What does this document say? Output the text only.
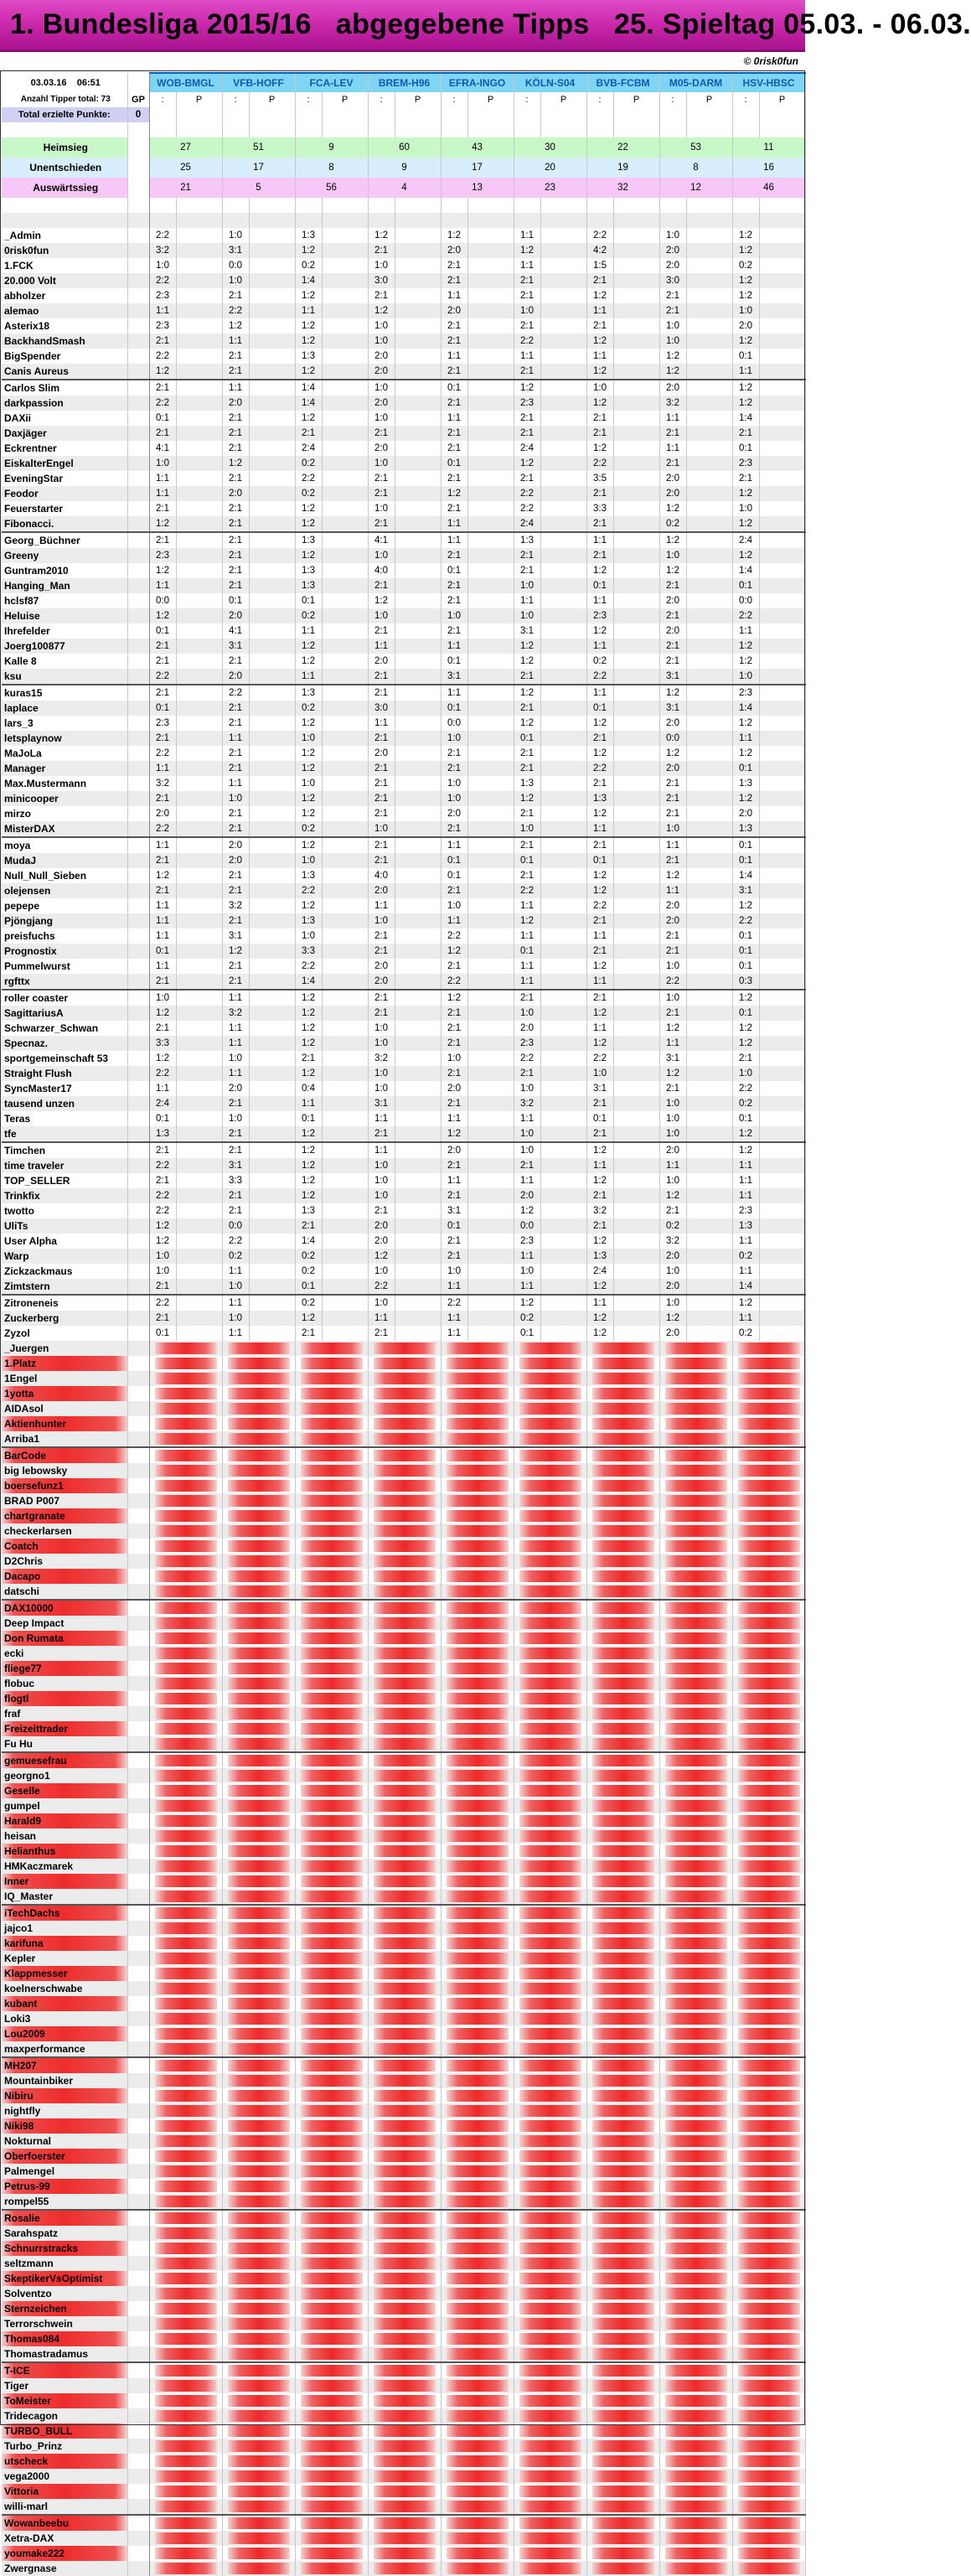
1. Bundesliga 2015/16   abgegebene Tipps   25. Spieltag 05.03. - 06.03.
© 0risk0fun
03.03.16 06:51		WOB-BMGL		VFB-HOFF		FCA-LEV		BREM-H96		EFRA-INGO		KÖLN-S04		BVB-FCBM		M05-DARM		HSV-HBSC	
Anzahl Tipper total: 73	GP	:	P	:	P	:	P	:	P	:	P	:	P	:	P	:	P	:	P
Total erzielte Punkte:	0																		

Heimsieg		27		51		9		60		43		30		22		53		11	
Unentschieden		25		17		8		9		17		20		19		8		16	
Auswärtssieg		21		5		56		4		13		23		32		12		46	

_Admin		2:2		1:0		1:3		1:2		1:2		1:1		2:2		1:0		1:2	
0risk0fun		3:2		3:1		1:2		2:1		2:0		1:2		4:2		2:0		1:2	
1.FCK		1:0		0:0		0:2		1:0		2:1		1:1		1:5		2:0		0:2	
20.000 Volt		2:2		1:0		1:4		3:0		2:1		2:1		2:1		3:0		1:2	
abholzer		2:3		2:1		1:2		2:1		1:1		2:1		1:2		2:1		1:2	
alemao		1:1		2:2		1:1		1:2		2:0		1:0		1:1		2:1		1:0	
Asterix18		2:3		1:2		1:2		1:0		2:1		2:1		2:1		1:0		2:0	
BackhandSmash		2:1		1:1		1:2		1:0		2:1		2:2		1:2		1:0		1:2	
BigSpender		2:2		2:1		1:3		2:0		1:1		1:1		1:1		1:2		0:1	
Canis Aureus		1:2		2:1		1:2		2:0		2:1		2:1		1:2		1:2		1:1	
Carlos Slim		2:1		1:1		1:4		1:0		0:1		1:2		1:0		2:0		1:2	
darkpassion		2:2		2:0		1:4		2:0		2:1		2:3		1:2		3:2		1:2	
DAXii		0:1		2:1		1:2		1:0		1:1		2:1		2:1		1:1		1:4	
Daxjäger		2:1		2:1		2:1		2:1		2:1		2:1		2:1		2:1		2:1	
Eckrentner		4:1		2:1		2:4		2:0		2:1		2:4		1:2		1:1		0:1	
EiskalterEngel		1:0		1:2		0:2		1:0		0:1		1:2		2:2		2:1		2:3	
EveningStar		1:1		2:1		2:2		2:1		2:1		2:1		3:5		2:0		2:1	
Feodor		1:1		2:0		0:2		2:1		1:2		2:2		2:1		2:0		1:2	
Feuerstarter		2:1		2:1		1:2		1:0		2:1		2:2		3:3		1:2		1:0	
Fibonacci.		1:2		2:1		1:2		2:1		1:1		2:4		2:1		0:2		1:2	
Georg_Büchner		2:1		2:1		1:3		4:1		1:1		1:3		1:1		1:2		2:4	
Greeny		2:3		2:1		1:2		1:0		2:1		2:1		2:1		1:0		1:2	
Guntram2010		1:2		2:1		1:3		4:0		0:1		2:1		1:2		1:2		1:4	
Hanging_Man		1:1		2:1		1:3		2:1		2:1		1:0		0:1		2:1		0:1	
hclsf87		0:0		0:1		0:1		1:2		2:1		1:1		1:1		2:0		0:0	
Heluise		1:2		2:0		0:2		1:0		1:0		1:0		2:3		2:1		2:2	
Ihrefelder		0:1		4:1		1:1		2:1		2:1		3:1		1:2		2:0		1:1	
Joerg100877		2:1		3:1		1:2		1:1		1:1		1:2		1:1		2:1		1:2	
Kalle 8		2:1		2:1		1:2		2:0		0:1		1:2		0:2		2:1		1:2	
ksu		2:2		2:0		1:1		2:1		3:1		2:1		2:2		3:1		1:0	
kuras15		2:1		2:2		1:3		2:1		1:1		1:2		1:1		1:2		2:3	
laplace		0:1		2:1		0:2		3:0		0:1		2:1		0:1		3:1		1:4	
lars_3		2:3		2:1		1:2		1:1		0:0		1:2		1:2		2:0		1:2	
letsplaynow		2:1		1:1		1:0		2:1		1:0		0:1		2:1		0:0		1:1	
MaJoLa		2:2		2:1		1:2		2:0		2:1		2:1		1:2		1:2		1:2	
Manager		1:1		2:1		1:2		2:1		2:1		2:1		2:2		2:0		0:1	
Max.Mustermann		3:2		1:1		1:0		2:1		1:0		1:3		2:1		2:1		1:3	
minicooper		2:1		1:0		1:2		2:1		1:0		1:2		1:3		2:1		1:2	
mirzo		2:0		2:1		1:2		2:1		2:0		2:1		1:2		2:1		2:0	
MisterDAX		2:2		2:1		0:2		1:0		2:1		1:0		1:1		1:0		1:3	
moya		1:1		2:0		1:2		2:1		1:1		2:1		2:1		1:1		0:1	
MudaJ		2:1		2:0		1:0		2:1		0:1		0:1		0:1		2:1		0:1	
Null_Null_Sieben		1:2		2:1		1:3		4:0		0:1		2:1		1:2		1:2		1:4	
olejensen		2:1		2:1		2:2		2:0		2:1		2:2		1:2		1:1		3:1	
pepepe		1:1		3:2		1:2		1:1		1:0		1:1		2:2		2:0		1:2	
Pjöngjang		1:1		2:1		1:3		1:0		1:1		1:2		2:1		2:0		2:2	
preisfuchs		1:1		3:1		1:0		2:1		2:2		1:1		1:1		2:1		0:1	
Prognostix		0:1		1:2		3:3		2:1		1:2		0:1		2:1		2:1		0:1	
Pummelwurst		1:1		2:1		2:2		2:0		2:1		1:1		1:2		1:0		0:1	
rgfttx		2:1		2:1		1:4		2:0		2:2		1:1		1:1		2:2		0:3	
roller coaster		1:0		1:1		1:2		2:1		1:2		2:1		2:1		1:0		1:2	
SagittariusA		1:2		3:2		1:2		2:1		2:1		1:0		1:2		2:1		0:1	
Schwarzer_Schwan		2:1		1:1		1:2		1:0		2:1		2:0		1:1		1:2		1:2	
Specnaz.		3:3		1:1		1:2		1:0		2:1		2:3		1:2		1:1		1:2	
sportgemeinschaft 53		1:2		1:0		2:1		3:2		1:0		2:2		2:2		3:1		2:1	
Straight Flush		2:2		1:1		1:2		1:0		2:1		2:1		1:0		1:2		1:0	
SyncMaster17		1:1		2:0		0:4		1:0		2:0		1:0		3:1		2:1		2:2	
tausend unzen		2:4		2:1		1:1		3:1		2:1		3:2		2:1		1:0		0:2	
Teras		0:1		1:0		0:1		1:1		1:1		1:1		0:1		1:0		0:1	
tfe		1:3		2:1		1:2		2:1		1:2		1:0		2:1		1:0		1:2	
Timchen		2:1		2:1		1:2		1:1		2:0		1:0		1:2		2:0		1:2	
time traveler		2:2		3:1		1:2		1:0		2:1		2:1		1:1		1:1		1:1	
TOP_SELLER		2:1		3:3		1:2		1:0		1:1		1:1		1:2		1:0		1:1	
Trinkfix		2:2		2:1		1:2		1:0		2:1		2:0		2:1		1:2		1:1	
twotto		2:2		2:1		1:3		2:1		3:1		1:2		3:2		2:1		2:3	
UliTs		1:2		0:0		2:1		2:0		0:1		0:0		2:1		0:2		1:3	
User Alpha		1:2		2:2		1:4		2:0		2:1		2:3		1:2		3:2		1:1	
Warp		1:0		0:2		0:2		1:2		2:1		1:1		1:3		2:0		0:2	
Zickzackmaus		1:0		1:1		0:2		1:0		1:0		1:0		2:4		1:0		1:1	
Zimtstern		2:1		1:0		0:1		2:2		1:1		1:1		1:2		2:0		1:4	
Zitroneneis		2:2		1:1		0:2		1:0		2:2		1:2		1:1		1:0		1:2	
Zuckerberg		2:1		1:0		1:2		1:1		1:1		0:2		1:2		1:2		1:1	
Zyzol		0:1		1:1		2:1		2:1		1:1		0:1		1:2		2:0		0:2	
_Juergen											

1.Platz											

1Engel											

1yotta											

AIDAsol											

Aktienhunter											

Arriba1											

BarCode											

big lebowsky											

boersefunz1											

BRAD P007											

chartgranate											

checkerlarsen											

Coatch											

D2Chris											

Dacapo											

datschi											

DAX10000											

Deep Impact											

Don Rumata											

ecki											

fliege77											

flobuc											

flogtl											

fraf											

Freizeittrader											

Fu Hu											

gemuesefrau											

georgno1											

Geselle											

gumpel											

Harald9											

heisan											

Helianthus											

HMKaczmarek											

Inner											

IQ_Master											

iTechDachs											

jajco1											

karifuna											

Kepler											

Klappmesser											

koelnerschwabe											

kubant											

Loki3											

Lou2009											

maxperformance											

MH207											

Mountainbiker											

Nibiru											

nightfly											

Niki98											

Nokturnal											

Oberfoerster											

Palmengel											

Petrus-99											

rompel55											

Rosalie											

Sarahspatz											

Schnurrstracks											

seltzmann											

SkeptikerVsOptimist											

Solventzo											

Sternzeichen											

Terrorschwein											

Thomas084											

Thomastradamus											

T-ICE											

Tiger											

ToMeister											

Tridecagon											

TURBO_BULL											

Turbo_Prinz											

utscheck											

vega2000											

Vittoria											

willi-marl											

Wowanbeebu											

Xetra-DAX											

youmake222											

Zwergnase											
